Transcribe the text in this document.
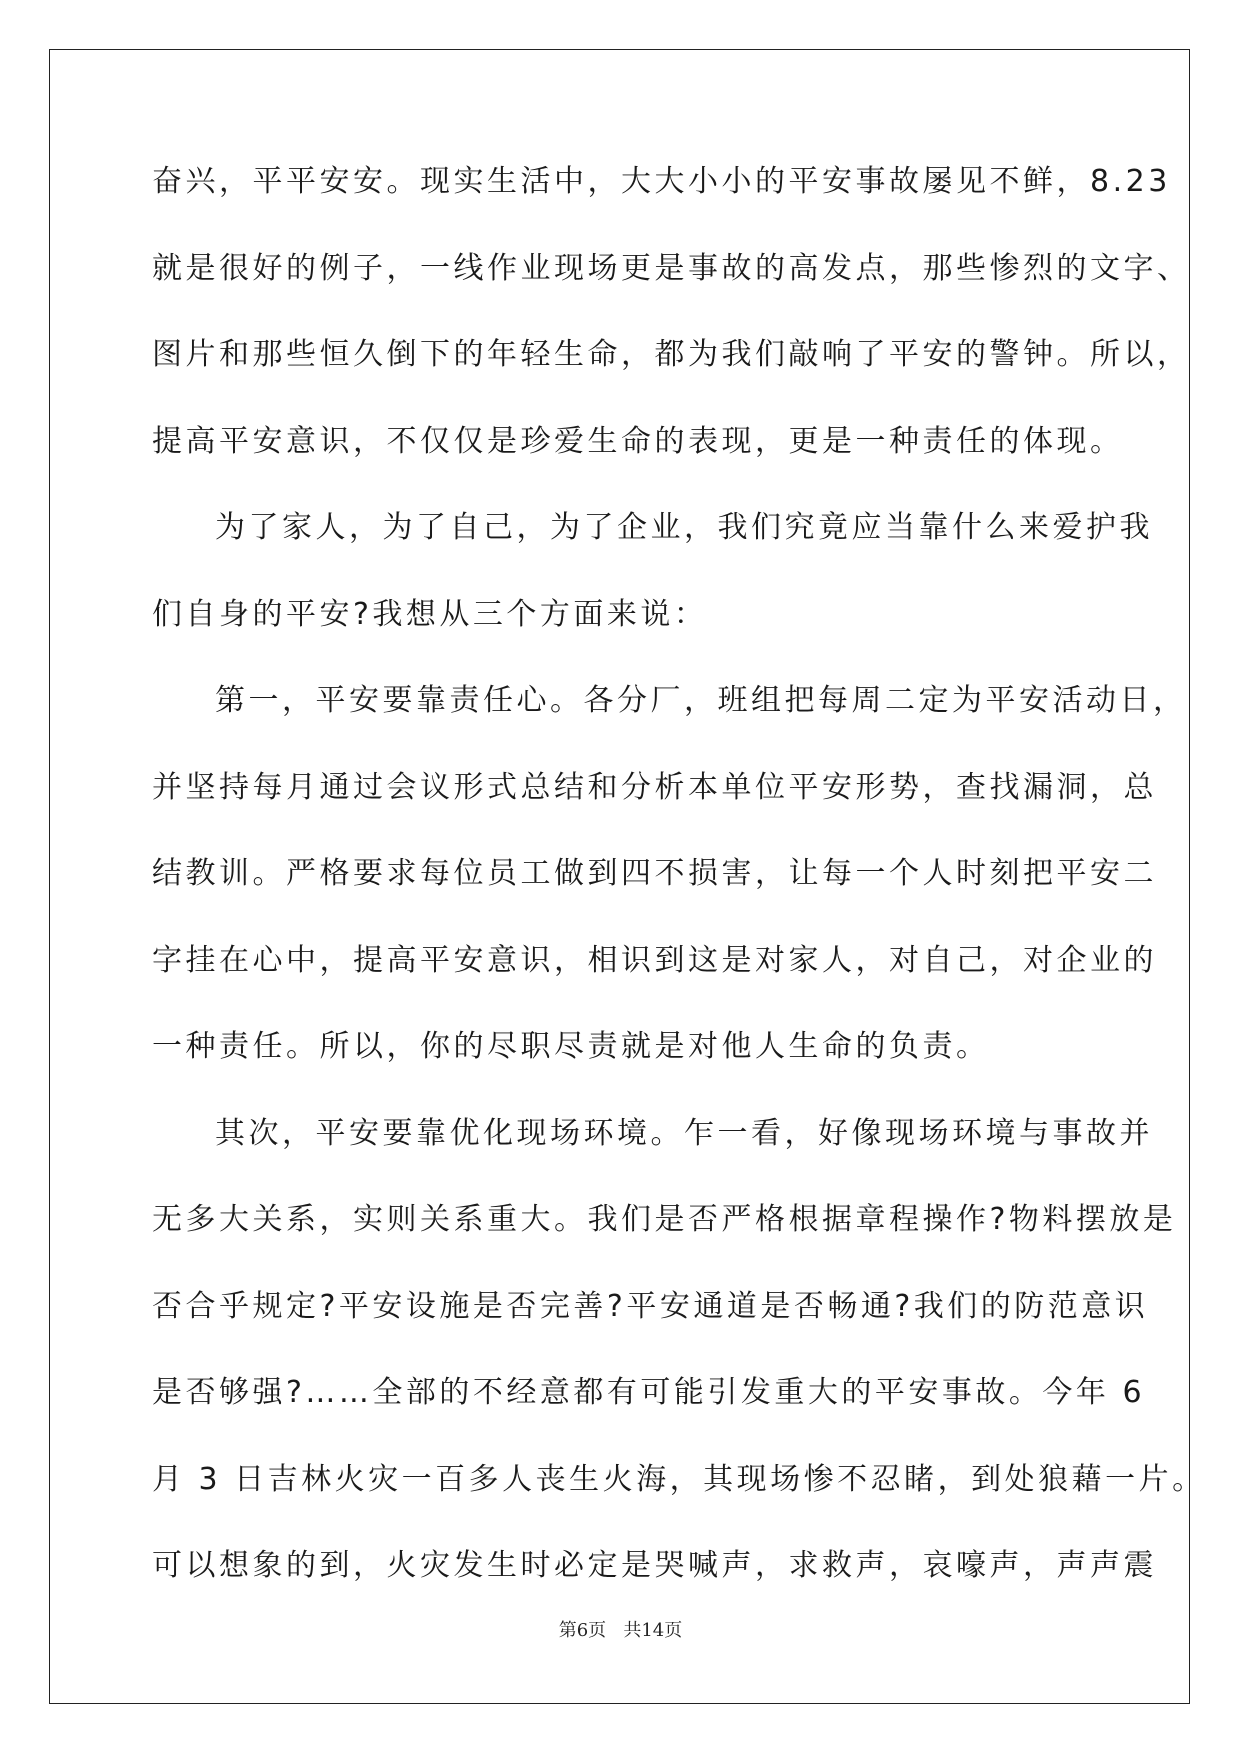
奋兴，平平安安。现实生活中，大大小小的平安事故屡见不鲜，8.23
就是很好的例子，一线作业现场更是事故的高发点，那些惨烈的文字、
图片和那些恒久倒下的年轻生命，都为我们敲响了平安的警钟。所以，
提高平安意识，不仅仅是珍爱生命的表现，更是一种责任的体现。
为了家人，为了自己，为了企业，我们究竟应当靠什么来爱护我
们自身的平安?我想从三个方面来说：
第一，平安要靠责任心。各分厂，班组把每周二定为平安活动日，
并坚持每月通过会议形式总结和分析本单位平安形势，查找漏洞，总
结教训。严格要求每位员工做到四不损害，让每一个人时刻把平安二
字挂在心中，提高平安意识，相识到这是对家人，对自己，对企业的
一种责任。所以，你的尽职尽责就是对他人生命的负责。
其次，平安要靠优化现场环境。乍一看，好像现场环境与事故并
无多大关系，实则关系重大。我们是否严格根据章程操作?物料摆放是
否合乎规定?平安设施是否完善?平安通道是否畅通?我们的防范意识
是否够强?……全部的不经意都有可能引发重大的平安事故。今年 6
月 3 日吉林火灾一百多人丧生火海，其现场惨不忍睹，到处狼藉一片。
可以想象的到，火灾发生时必定是哭喊声，求救声，哀嚎声，声声震
第6页   共14页
